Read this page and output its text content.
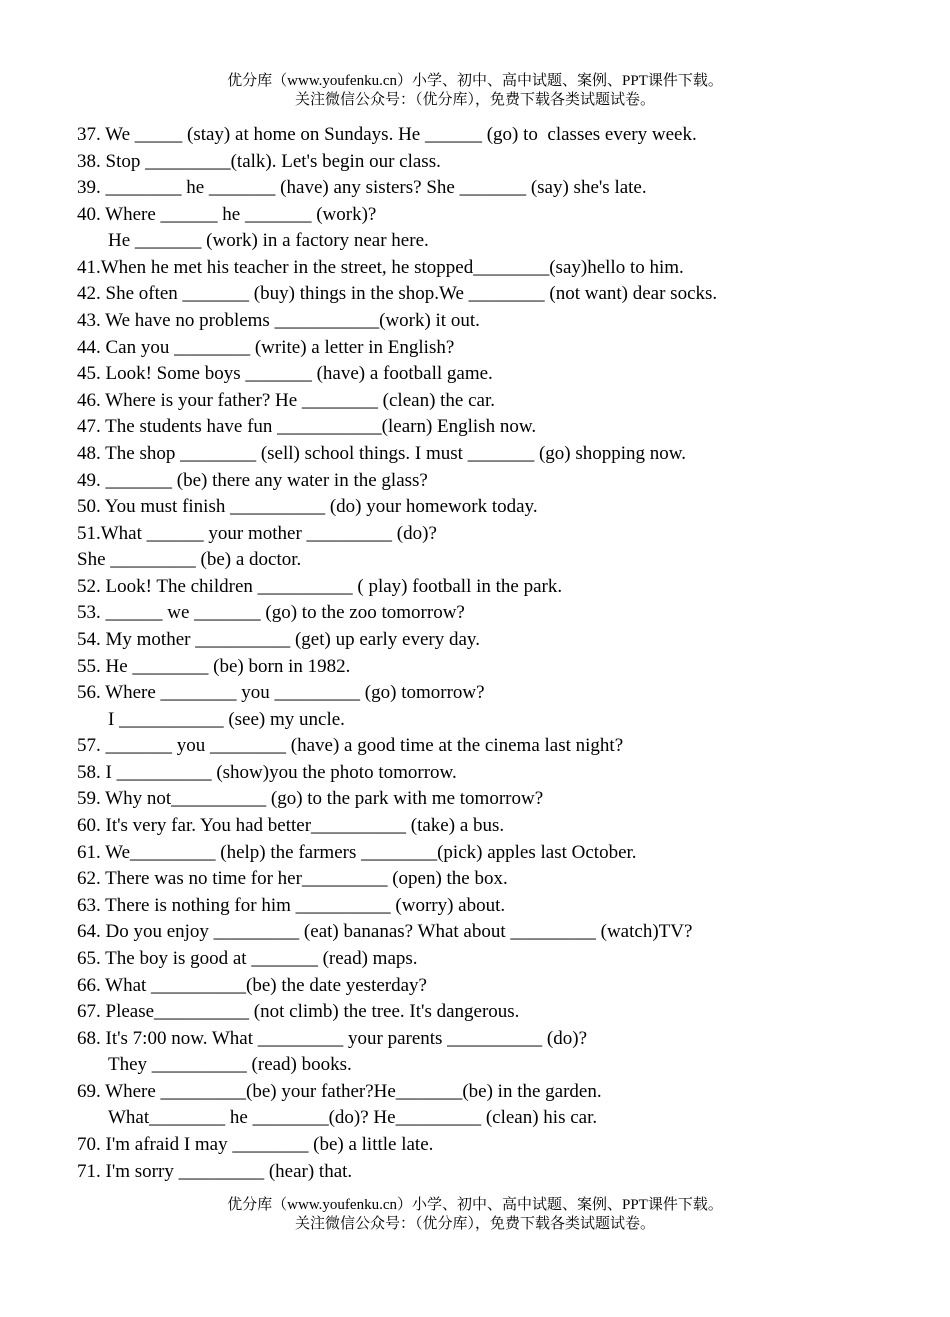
优分库（www.youfenku.cn）小学、初中、高中试题、案例、PPT课件下载。
关注微信公众号：（优分库），免费下载各类试题试卷。
37. We _____ (stay) at home on Sundays. He ______ (go) to  classes every week.
38. Stop _________(talk). Let's begin our class.
39. ________ he _______ (have) any sisters? She _______ (say) she's late.
40. Where ______ he _______ (work)?
He _______ (work) in a factory near here.
41.When he met his teacher in the street, he stopped________(say)hello to him.
42. She often _______ (buy) things in the shop.We ________ (not want) dear socks.
43. We have no problems ___________(work) it out.
44. Can you ________ (write) a letter in English?
45. Look! Some boys _______ (have) a football game.
46. Where is your father? He ________ (clean) the car.
47. The students have fun ___________(learn) English now.
48. The shop ________ (sell) school things. I must _______ (go) shopping now.
49. _______ (be) there any water in the glass?
50. You must finish __________ (do) your homework today.
51.What ______ your mother _________ (do)?
She _________ (be) a doctor.
52. Look! The children __________ ( play) football in the park.
53. ______ we _______ (go) to the zoo tomorrow?
54. My mother __________ (get) up early every day.
55. He ________ (be) born in 1982.
56. Where ________ you _________ (go) tomorrow?
I ___________ (see) my uncle.
57. _______ you ________ (have) a good time at the cinema last night?
58. I __________ (show)you the photo tomorrow.
59. Why not__________ (go) to the park with me tomorrow?
60. It's very far. You had better__________ (take) a bus.
61. We_________ (help) the farmers ________(pick) apples last October.
62. There was no time for her_________ (open) the box.
63. There is nothing for him __________ (worry) about.
64. Do you enjoy _________ (eat) bananas? What about _________ (watch)TV?
65. The boy is good at _______ (read) maps.
66. What __________(be) the date yesterday?
67. Please__________ (not climb) the tree. It's dangerous.
68. It's 7:00 now. What _________ your parents __________ (do)?
They __________ (read) books.
69. Where _________(be) your father?He_______(be) in the garden.
What________ he ________(do)? He_________ (clean) his car.
70. I'm afraid I may ________ (be) a little late.
71. I'm sorry _________ (hear) that.
优分库（www.youfenku.cn）小学、初中、高中试题、案例、PPT课件下载。
关注微信公众号：（优分库），免费下载各类试题试卷。
